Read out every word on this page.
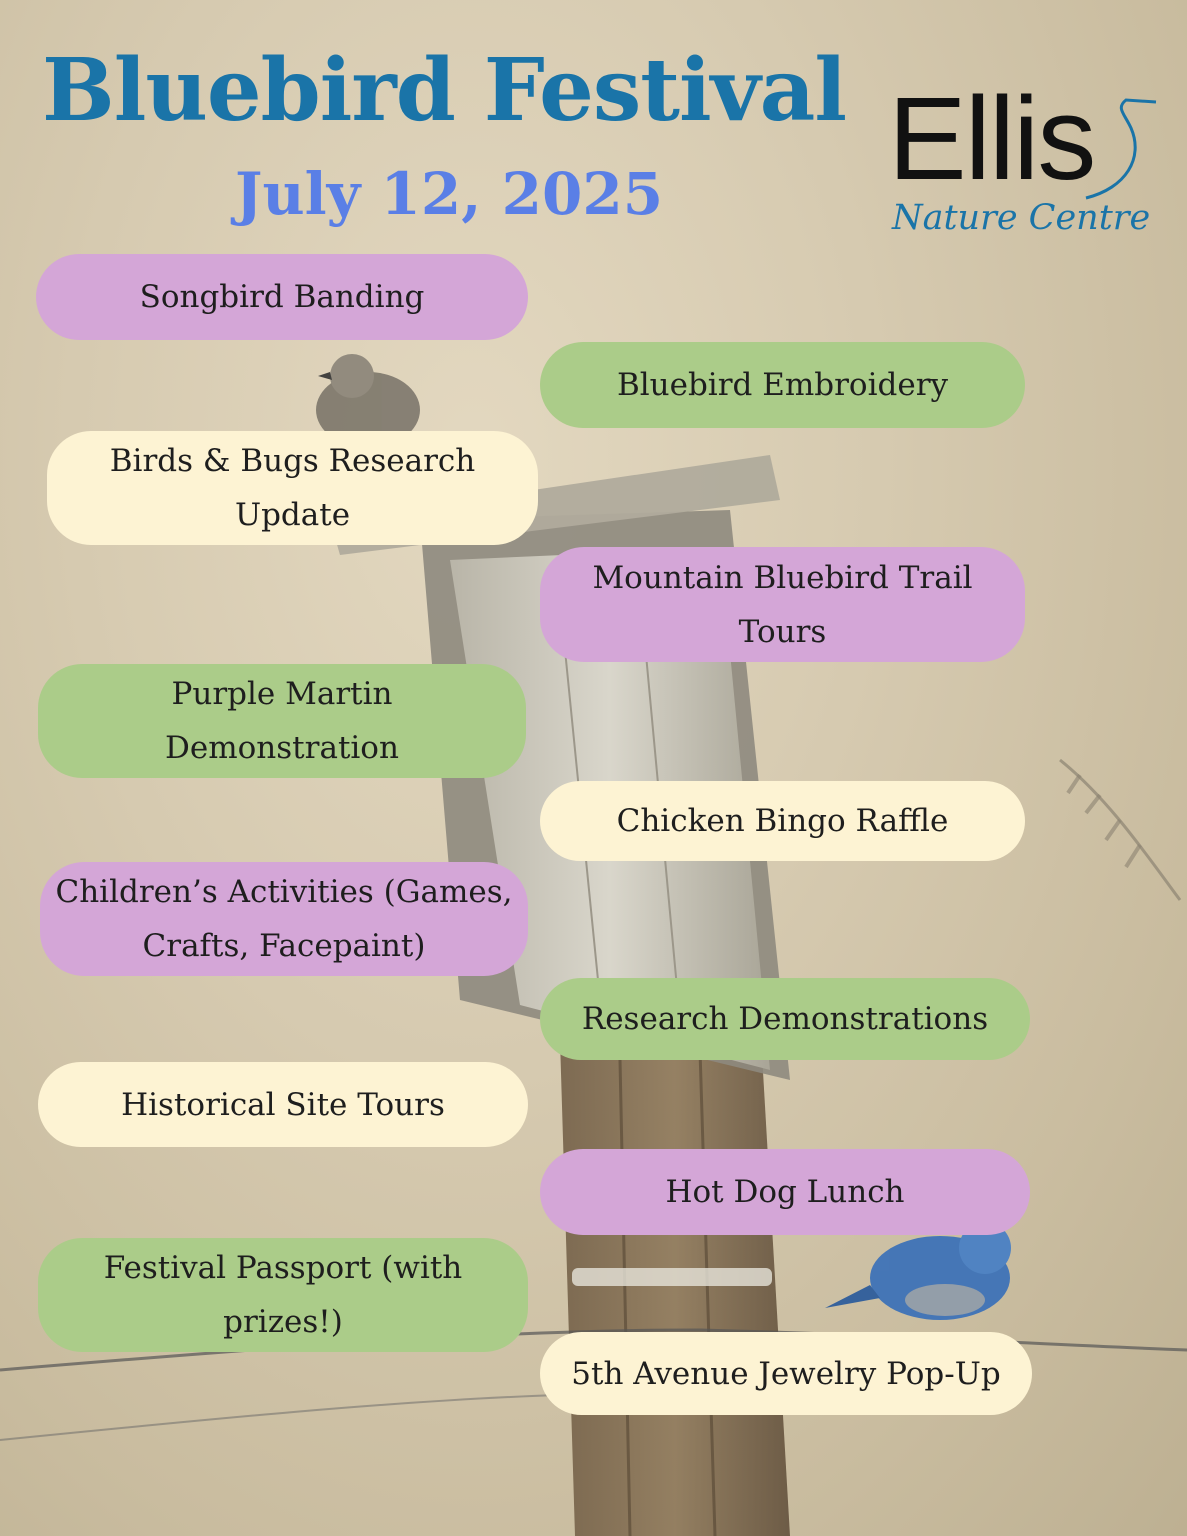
Bluebird Festival
July 12, 2025 Ellis
Nature Centre
Songbird Banding
Bluebird Embroidery
Birds & Bugs Research Update
Mountain Bluebird Trail Tours
Purple Martin Demonstration
Chicken Bingo Raffle
Children’s Activities (Games, Crafts, Facepaint)
Research Demonstrations
Historical Site Tours
Hot Dog Lunch
Festival Passport (with prizes!)
5th Avenue Jewelry Pop-Up
